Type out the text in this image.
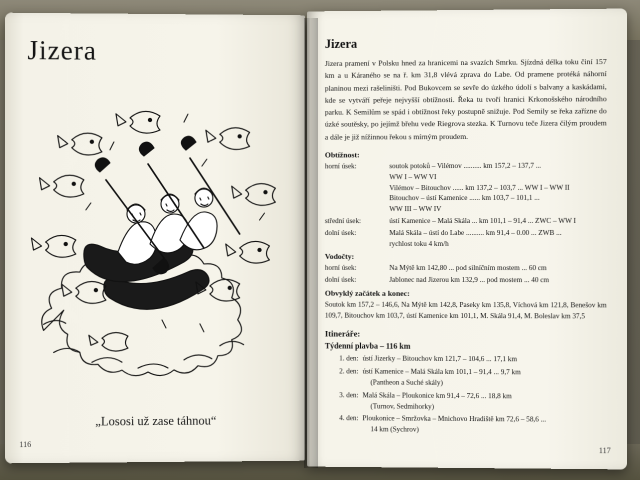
Jizera
„Lososi už zase táhnou“
116
Jizera
Jizera pramení v Polsku hned za hranicemi na svazích Smrku. Sjízdná délka toku činí 157 km a u Káraného se na ř. km 31,8 vlévá zprava do Labe. Od pramene protéká náhorní planinou mezi rašeliništi. Pod Bukovcem se sevře do úzkého údolí s balvany a kaskádami, kde se vytváří peřeje nejvyšší obtížnosti. Řeka tu tvoří hranici Krkonošského národního parku. K Semilům se spád i obtížnost řeky postupně snižuje. Pod Semily se řeka zařízne do úzké soutěsky, po jejímž břehu vede Riegrova stezka. K Turnovu teče Jizera čilým proudem a dále je již nížinnou řekou s mírným proudem.
Obtížnost:
horní úsek:	soutok potoků – Vilémov .......... km 157,2 – 137,7 ...
WW I – WW VI
Vilémov – Bitouchov ...... km 137,2 – 103,7 ... WW I – WW II
Bitouchov – ústí Kamenice ...... km 103,7 – 101,1 ...
WW III – WW IV
střední úsek:	ústí Kamenice – Malá Skála ... km 101,1 – 91,4 ... ZWC – WW I
dolní úsek:	Malá Skála – ústí do Labe .......... km 91,4 – 0.00 ... ZWB ...
rychlost toku 4 km/h
Vodočty:
horní úsek:	Na Mýtě km 142,80 ... pod silníčním mostem ... 60 cm
dolní úsek:	Jablonec nad Jizerou km 132,9 ... pod mostem ... 40 cm
Obvyklý začátek a konec:
Soutok km 157,2 – 146,6, Na Mýtě km 142,8, Paseky km 135,8, Víchová km 121,8, Benešov km 109,7, Bitouchov km 103,7, ústí Kamenice km 101,1, M. Skála 91,4, M. Boleslav km 37,5
Itineráře:
Týdenní plavba – 116 km
1. den: ústí Jizerky – Bitouchov km 121,7 – 104,6 ... 17,1 km
2. den: ústí Kamenice – Malá Skála km 101,1 – 91,4 ... 9,7 km
(Pantheon a Suché skály)
3. den: Malá Skála – Ploukonice km 91,4 – 72,6 ... 18,8 km
(Turnov, Sedmihorky)
4. den: Ploukonice – Smržovka – Mnichovo Hradiště km 72,6 – 58,6 ...
14 km (Sychrov)
117
